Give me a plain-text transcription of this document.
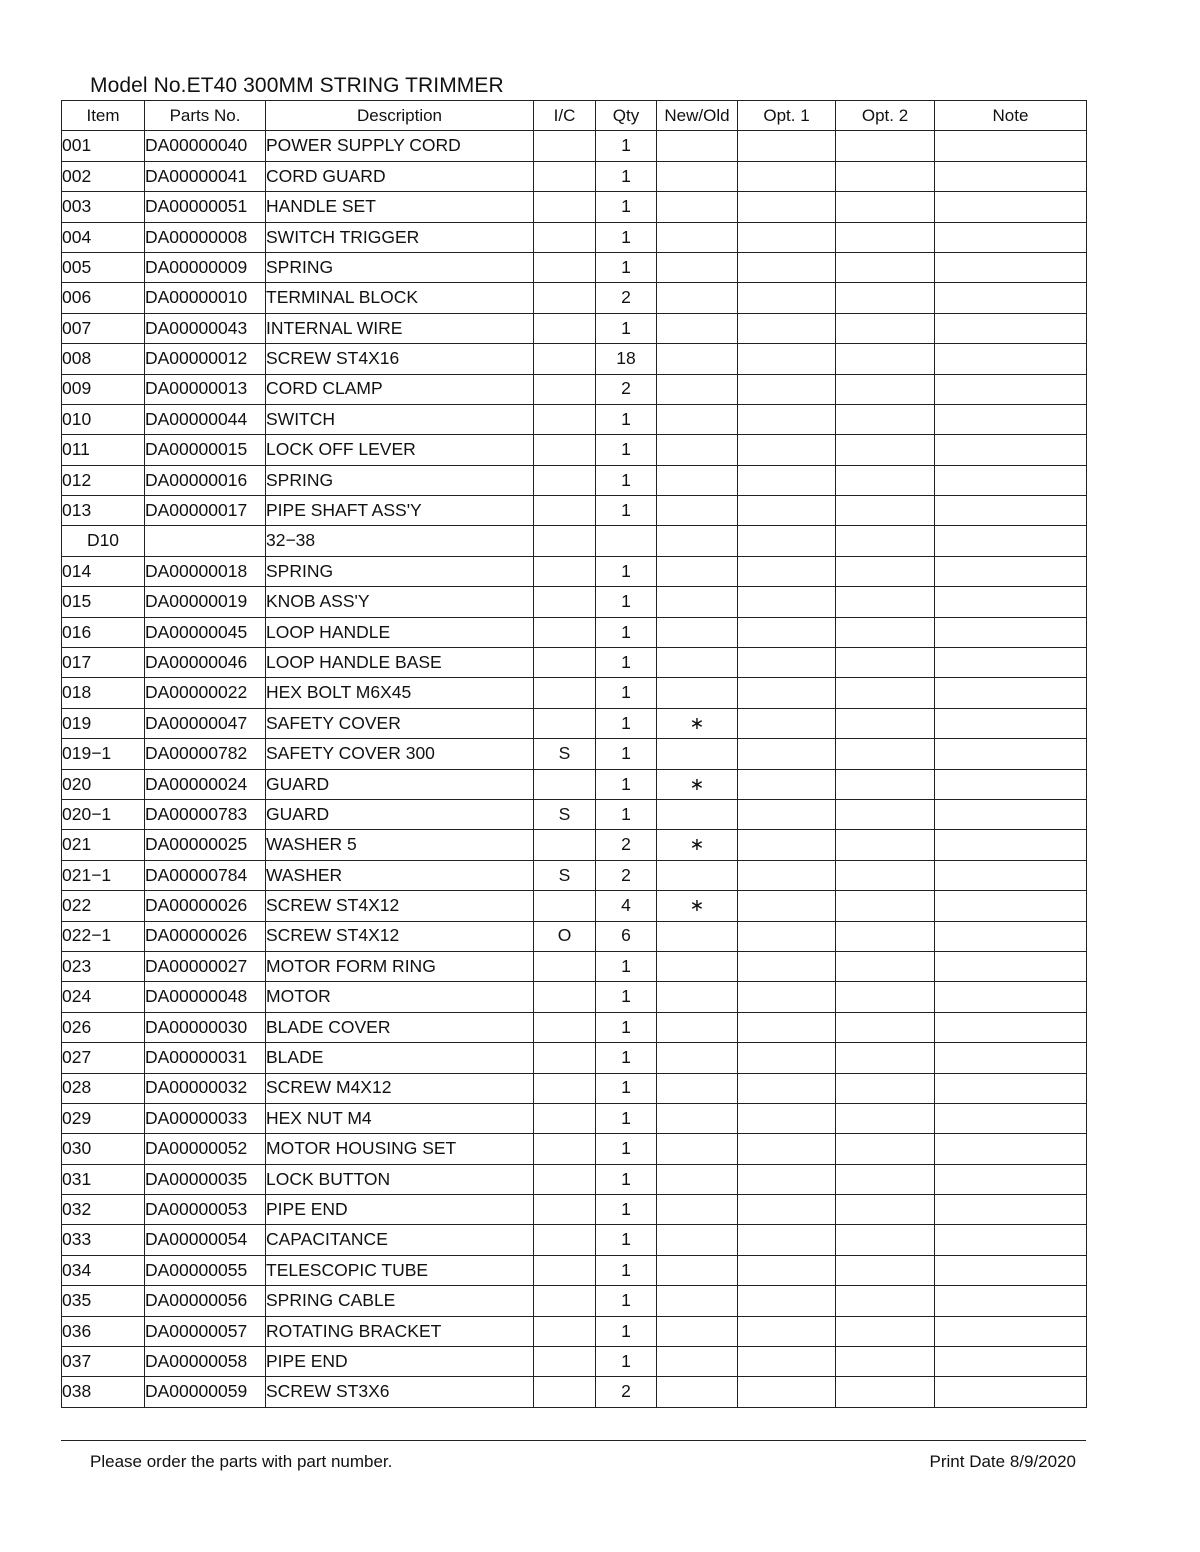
Model No.ET40 300MM STRING TRIMMER
Item	Parts No.	Description	I/C	Qty	New/Old	Opt. 1	Opt. 2	Note
001	DA00000040	POWER SUPPLY CORD		1				
002	DA00000041	CORD GUARD		1				
003	DA00000051	HANDLE SET		1				
004	DA00000008	SWITCH TRIGGER		1				
005	DA00000009	SPRING		1				
006	DA00000010	TERMINAL BLOCK		2				
007	DA00000043	INTERNAL WIRE		1				
008	DA00000012	SCREW ST4X16		18				
009	DA00000013	CORD CLAMP		2				
010	DA00000044	SWITCH		1				
011	DA00000015	LOCK OFF LEVER		1				
012	DA00000016	SPRING		1				
013	DA00000017	PIPE SHAFT ASS'Y		1				
D10		32−38						
014	DA00000018	SPRING		1				
015	DA00000019	KNOB ASS'Y		1				
016	DA00000045	LOOP HANDLE		1				
017	DA00000046	LOOP HANDLE BASE		1				
018	DA00000022	HEX BOLT M6X45		1				
019	DA00000047	SAFETY COVER		1	∗			
019−1	DA00000782	SAFETY COVER 300	S	1				
020	DA00000024	GUARD		1	∗			
020−1	DA00000783	GUARD	S	1				
021	DA00000025	WASHER 5		2	∗			
021−1	DA00000784	WASHER	S	2				
022	DA00000026	SCREW ST4X12		4	∗			
022−1	DA00000026	SCREW ST4X12	O	6				
023	DA00000027	MOTOR FORM RING		1				
024	DA00000048	MOTOR		1				
026	DA00000030	BLADE COVER		1				
027	DA00000031	BLADE		1				
028	DA00000032	SCREW M4X12		1				
029	DA00000033	HEX NUT M4		1				
030	DA00000052	MOTOR HOUSING SET		1				
031	DA00000035	LOCK BUTTON		1				
032	DA00000053	PIPE END		1				
033	DA00000054	CAPACITANCE		1				
034	DA00000055	TELESCOPIC TUBE		1				
035	DA00000056	SPRING CABLE		1				
036	DA00000057	ROTATING BRACKET		1				
037	DA00000058	PIPE END		1				
038	DA00000059	SCREW ST3X6		2				
Please order the parts with part number.	Print Date 8/9/2020
